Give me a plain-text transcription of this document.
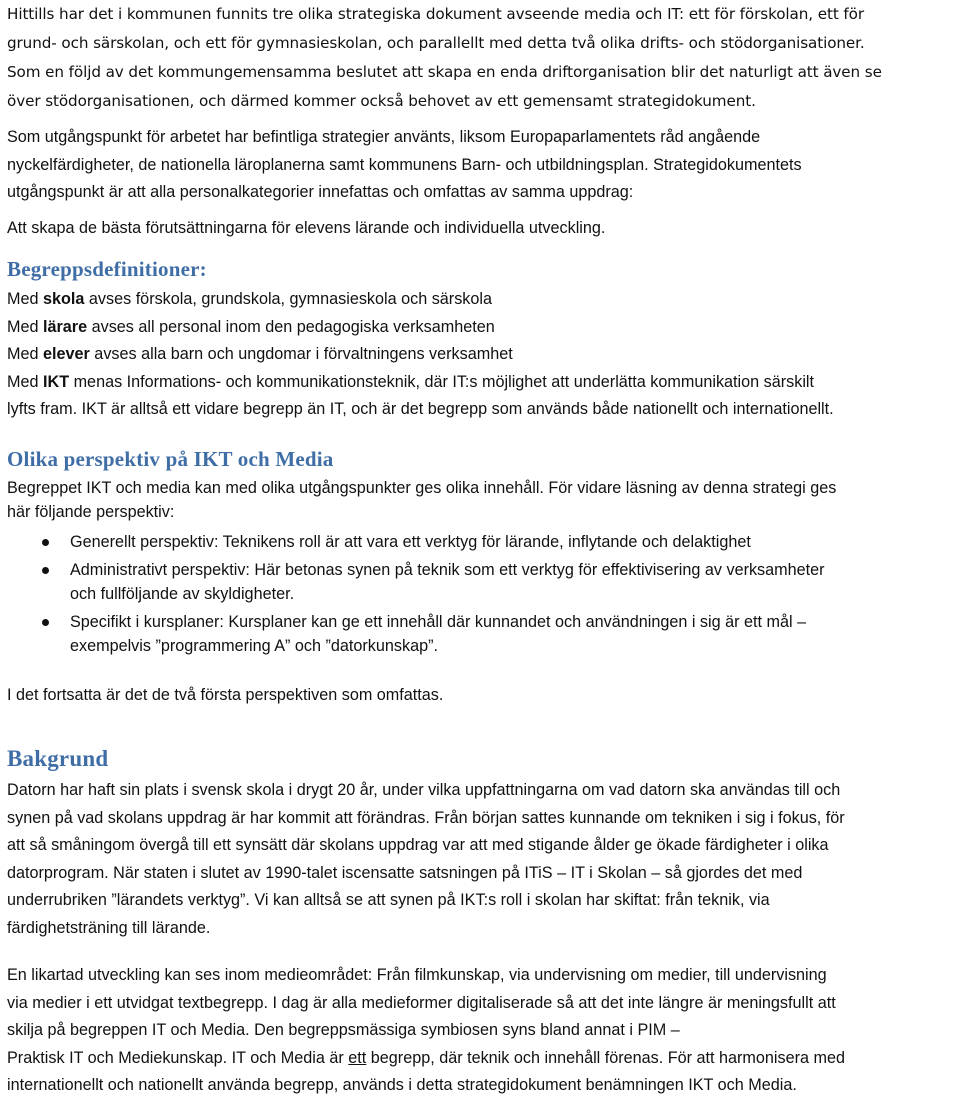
Hittills har det i kommunen funnits tre olika strategiska dokument avseende media och IT: ett för förskolan, ett för
grund- och särskolan, och ett för gymnasieskolan, och parallellt med detta två olika drifts- och stödorganisationer.
Som en följd av det kommungemensamma beslutet att skapa en enda driftorganisation blir det naturligt att även se
över stödorganisationen, och därmed kommer också behovet av ett gemensamt strategidokument.

Som utgångspunkt för arbetet har befintliga strategier använts, liksom Europaparlamentets råd angående
nyckelfärdigheter, de nationella läroplanerna samt kommunens Barn- och utbildningsplan. Strategidokumentets
utgångspunkt är att alla personalkategorier innefattas och omfattas av samma uppdrag:

Att skapa de bästa förutsättningarna för elevens lärande och individuella utveckling.

Begreppsdefinitioner:

Med skola avses förskola, grundskola, gymnasieskola och särskola
Med lärare avses all personal inom den pedagogiska verksamheten
Med elever avses alla barn och ungdomar i förvaltningens verksamhet
Med IKT menas Informations- och kommunikationsteknik, där IT:s möjlighet att underlätta kommunikation särskilt
lyfts fram. IKT är alltså ett vidare begrepp än IT, och är det begrepp som används både nationellt och internationellt.

Olika perspektiv på IKT och Media

Begreppet IKT och media kan med olika utgångspunkter ges olika innehåll. För vidare läsning av denna strategi ges
här följande perspektiv:

Generellt perspektiv: Teknikens roll är att vara ett verktyg för lärande, inflytande och delaktighet
Administrativt perspektiv: Här betonas synen på teknik som ett verktyg för effektivisering av verksamheter
och fullföljande av skyldigheter.
Specifikt i kursplaner: Kursplaner kan ge ett innehåll där kunnandet och användningen i sig är ett mål –
exempelvis ”programmering A” och ”datorkunskap”.

I det fortsatta är det de två första perspektiven som omfattas.

Bakgrund

Datorn har haft sin plats i svensk skola i drygt 20 år, under vilka uppfattningarna om vad datorn ska användas till och
synen på vad skolans uppdrag är har kommit att förändras. Från början sattes kunnande om tekniken i sig i fokus, för
att så småningom övergå till ett synsätt där skolans uppdrag var att med stigande ålder ge ökade färdigheter i olika
datorprogram. När staten i slutet av 1990-talet iscensatte satsningen på ITiS – IT i Skolan – så gjordes det med
underrubriken ”lärandets verktyg”. Vi kan alltså se att synen på IKT:s roll i skolan har skiftat: från teknik, via
färdighetsträning till lärande.

En likartad utveckling kan ses inom medieområdet: Från filmkunskap, via undervisning om medier, till undervisning
via medier i ett utvidgat textbegrepp. I dag är alla medieformer digitaliserade så att det inte längre är meningsfullt att
skilja på begreppen IT och Media. Den begreppsmässiga symbiosen syns bland annat i PIM –
Praktisk IT och Mediekunskap. IT och Media är ett begrepp, där teknik och innehåll förenas. För att harmonisera med
internationellt och nationellt använda begrepp, används i detta strategidokument benämningen IKT och Media.
